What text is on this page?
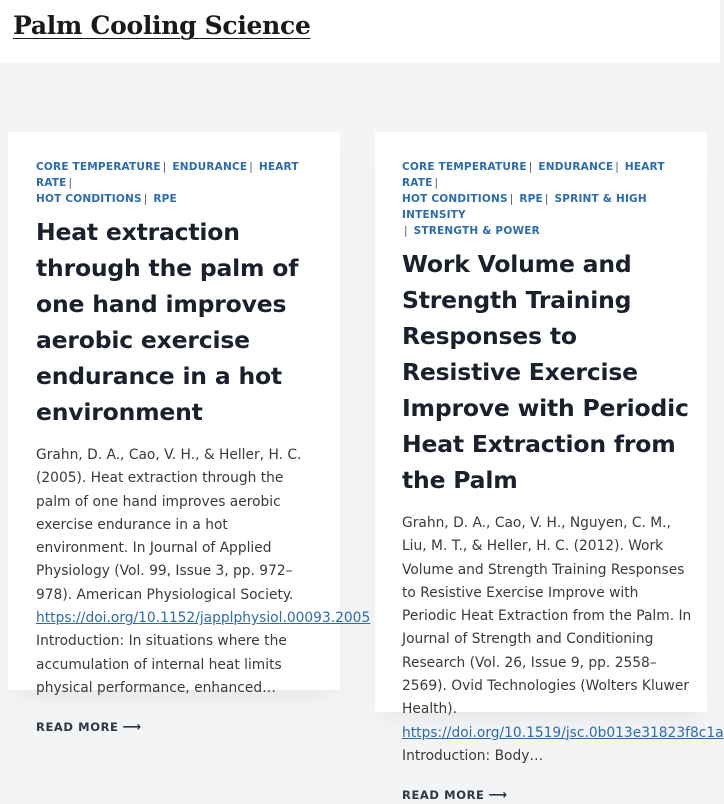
Palm Cooling Science
CORE TEMPERATURE | ENDURANCE | HEART RATE |
HOT CONDITIONS | RPE
Heat extraction through the palm of one hand improves aerobic exercise endurance in a hot environment
Grahn, D. A., Cao, V. H., & Heller, H. C. (2005). Heat extraction through the palm of one hand improves aerobic exercise endurance in a hot environment. In Journal of Applied Physiology (Vol. 99, Issue 3, pp. 972–978). American Physiological Society. https://doi.org/10.1152/japplphysiol.00093.2005 Introduction: In situations where the accumulation of internal heat limits physical performance, enhanced…
READ MORE ⟶
CORE TEMPERATURE | ENDURANCE | HEART RATE |
HOT CONDITIONS | RPE | SPRINT & HIGH INTENSITY
| STRENGTH & POWER
Work Volume and Strength Training Responses to Resistive Exercise Improve with Periodic Heat Extraction from the Palm
Grahn, D. A., Cao, V. H., Nguyen, C. M., Liu, M. T., & Heller, H. C. (2012). Work Volume and Strength Training Responses to Resistive Exercise Improve with Periodic Heat Extraction from the Palm. In Journal of Strength and Conditioning Research (Vol. 26, Issue 9, pp. 2558–2569). Ovid Technologies (Wolters Kluwer Health). https://doi.org/10.1519/jsc.0b013e31823f8c1a Introduction: Body…
READ MORE ⟶
